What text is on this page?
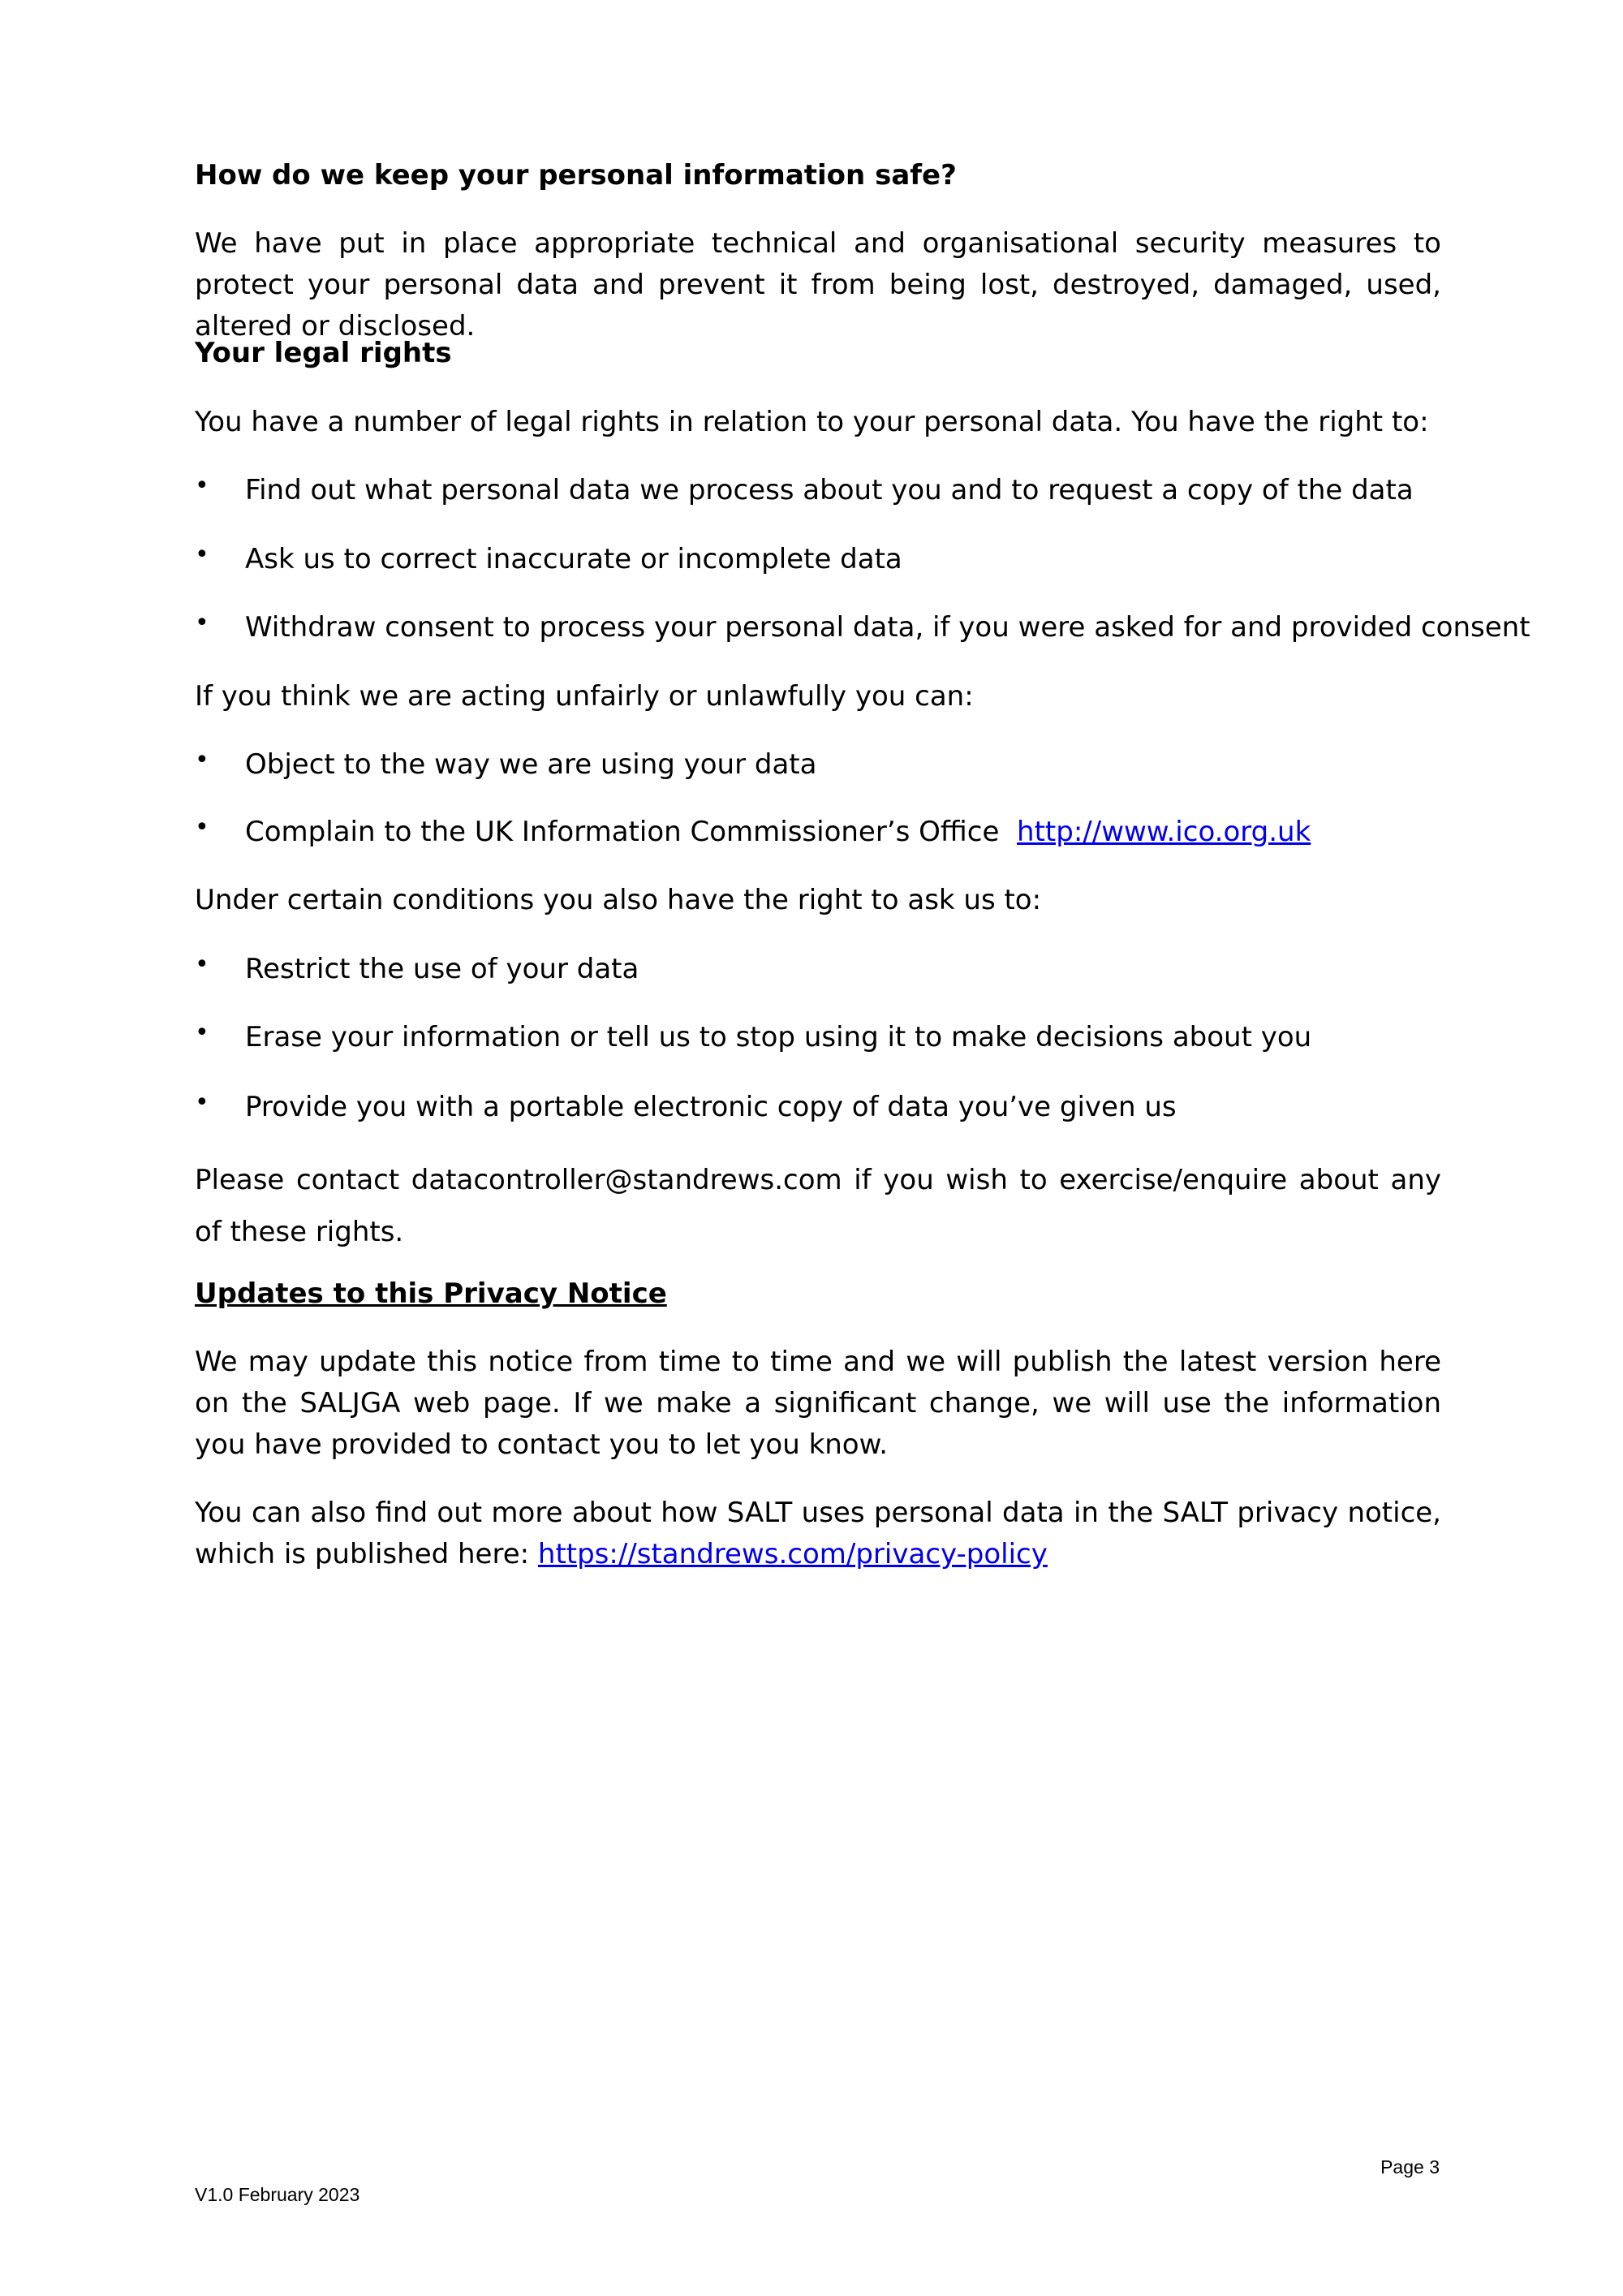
How do we keep your personal information safe?
We have put in place appropriate technical and organisational security measures to protect your personal data and prevent it from being lost, destroyed, damaged, used, altered or disclosed.
Your legal rights
You have a number of legal rights in relation to your personal data. You have the right to:
• Find out what personal data we process about you and to request a copy of the data
• Ask us to correct inaccurate or incomplete data
• Withdraw consent to process your personal data, if you were asked for and provided consent
If you think we are acting unfairly or unlawfully you can:
• Object to the way we are using your data
• Complain to the UK Information Commissioner’s Office http://www.ico.org.uk
Under certain conditions you also have the right to ask us to:
• Restrict the use of your data
• Erase your information or tell us to stop using it to make decisions about you
• Provide you with a portable electronic copy of data you’ve given us
Please contact datacontroller@standrews.com if you wish to exercise/enquire about any of these rights.
Updates to this Privacy Notice
We may update this notice from time to time and we will publish the latest version here on the SALJGA web page. If we make a significant change, we will use the information you have provided to contact you to let you know.
You can also find out more about how SALT uses personal data in the SALT privacy notice, which is published here: https://standrews.com/privacy-policy
Page 3
V1.0 February 2023
